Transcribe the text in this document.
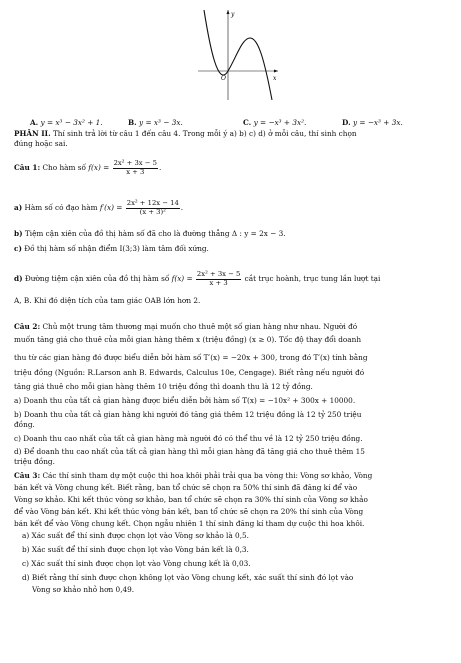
y
x
O
A. y = x³ − 3x² + 1.	B. y = x³ − 3x.	C. y = −x³ + 3x².	D. y = −x³ + 3x.
PHẦN II. Thí sinh trả lời từ câu 1 đến câu 4. Trong mỗi ý a) b) c) d) ở mỗi câu, thí sinh chọn
đúng hoặc sai.
Câu 1: Cho hàm số $f(x) = \frac{\text{2x² + 3x − 5}}{x + 3}$ .
a) Hàm số có đạo hàm $f'(x) = \frac{\text{2x² + 12x − 14}}{\text{(x + 3)²}}$ .
b) Tiệm cận xiên của đồ thị hàm số đã cho là đường thẳng Δ : y = 2x − 3.
c) Đồ thị hàm số nhận điểm I(3;3) làm tâm đối xứng.
d) Đường tiệm cận xiên của đồ thị hàm số $f(x) = \frac{\text{2x² + 3x − 5}}{x + 3}$ cắt trục hoành, trục tung lần lượt tại
A, B. Khi đó diện tích của tam giác OAB lớn hơn 2.
Câu 2: Chủ một trung tâm thương mại muốn cho thuê một số gian hàng như nhau. Người đó
muốn tăng giá cho thuê của mỗi gian hàng thêm x (triệu đồng) (x ≥ 0). Tốc độ thay đổi doanh
thu từ các gian hàng đó được biểu diễn bởi hàm số T′(x) = −20x + 300, trong đó T′(x) tính bằng
triệu đồng (Nguồn: R.Larson anh B. Edwards, Calculus 10e, Cengage). Biết rằng nếu người đó
tăng giá thuê cho mỗi gian hàng thêm 10 triệu đồng thì doanh thu là 12 tỷ đồng.
a) Doanh thu của tất cả gian hàng được biểu diễn bởi hàm số T(x) = −10x² + 300x + 10000.
b) Doanh thu của tất cả gian hàng khi người đó tăng giá thêm 12 triệu đồng là 12 tỷ 250 triệu
đồng.
c) Doanh thu cao nhất của tất cả gian hàng mà người đó có thể thu về là 12 tỷ 250 triệu đồng.
d) Để doanh thu cao nhất của tất cả gian hàng thì mỗi gian hàng đã tăng giá cho thuê thêm 15
triệu đồng.
Câu 3: Các thí sinh tham dự một cuộc thi hoa khôi phải trải qua ba vòng thi: Vòng sơ khảo, Vòng
bán kết và Vòng chung kết. Biết rằng, ban tổ chức sẽ chọn ra 50% thí sinh đã đăng kí để vào
Vòng sơ khảo. Khi kết thúc vòng sơ khảo, ban tổ chức sẽ chọn ra 30% thí sinh của Vòng sơ khảo
để vào Vòng bán kết. Khi kết thúc vòng bán kết, ban tổ chức sẽ chọn ra 20% thí sinh của Vòng
bán kết để vào Vòng chung kết. Chọn ngẫu nhiên 1 thí sinh đăng kí tham dự cuộc thi hoa khôi.
a) Xác suất để thí sinh được chọn lọt vào Vòng sơ khảo là 0,5.
b) Xác suất để thí sinh được chọn lọt vào Vòng bán kết là 0,3.
c) Xác suất thí sinh được chọn lọt vào Vòng chung kết là 0,03.
d) Biết rằng thí sinh được chọn không lọt vào Vòng chung kết, xác suất thí sinh đó lọt vào
Vòng sơ khảo nhỏ hơn 0,49.
